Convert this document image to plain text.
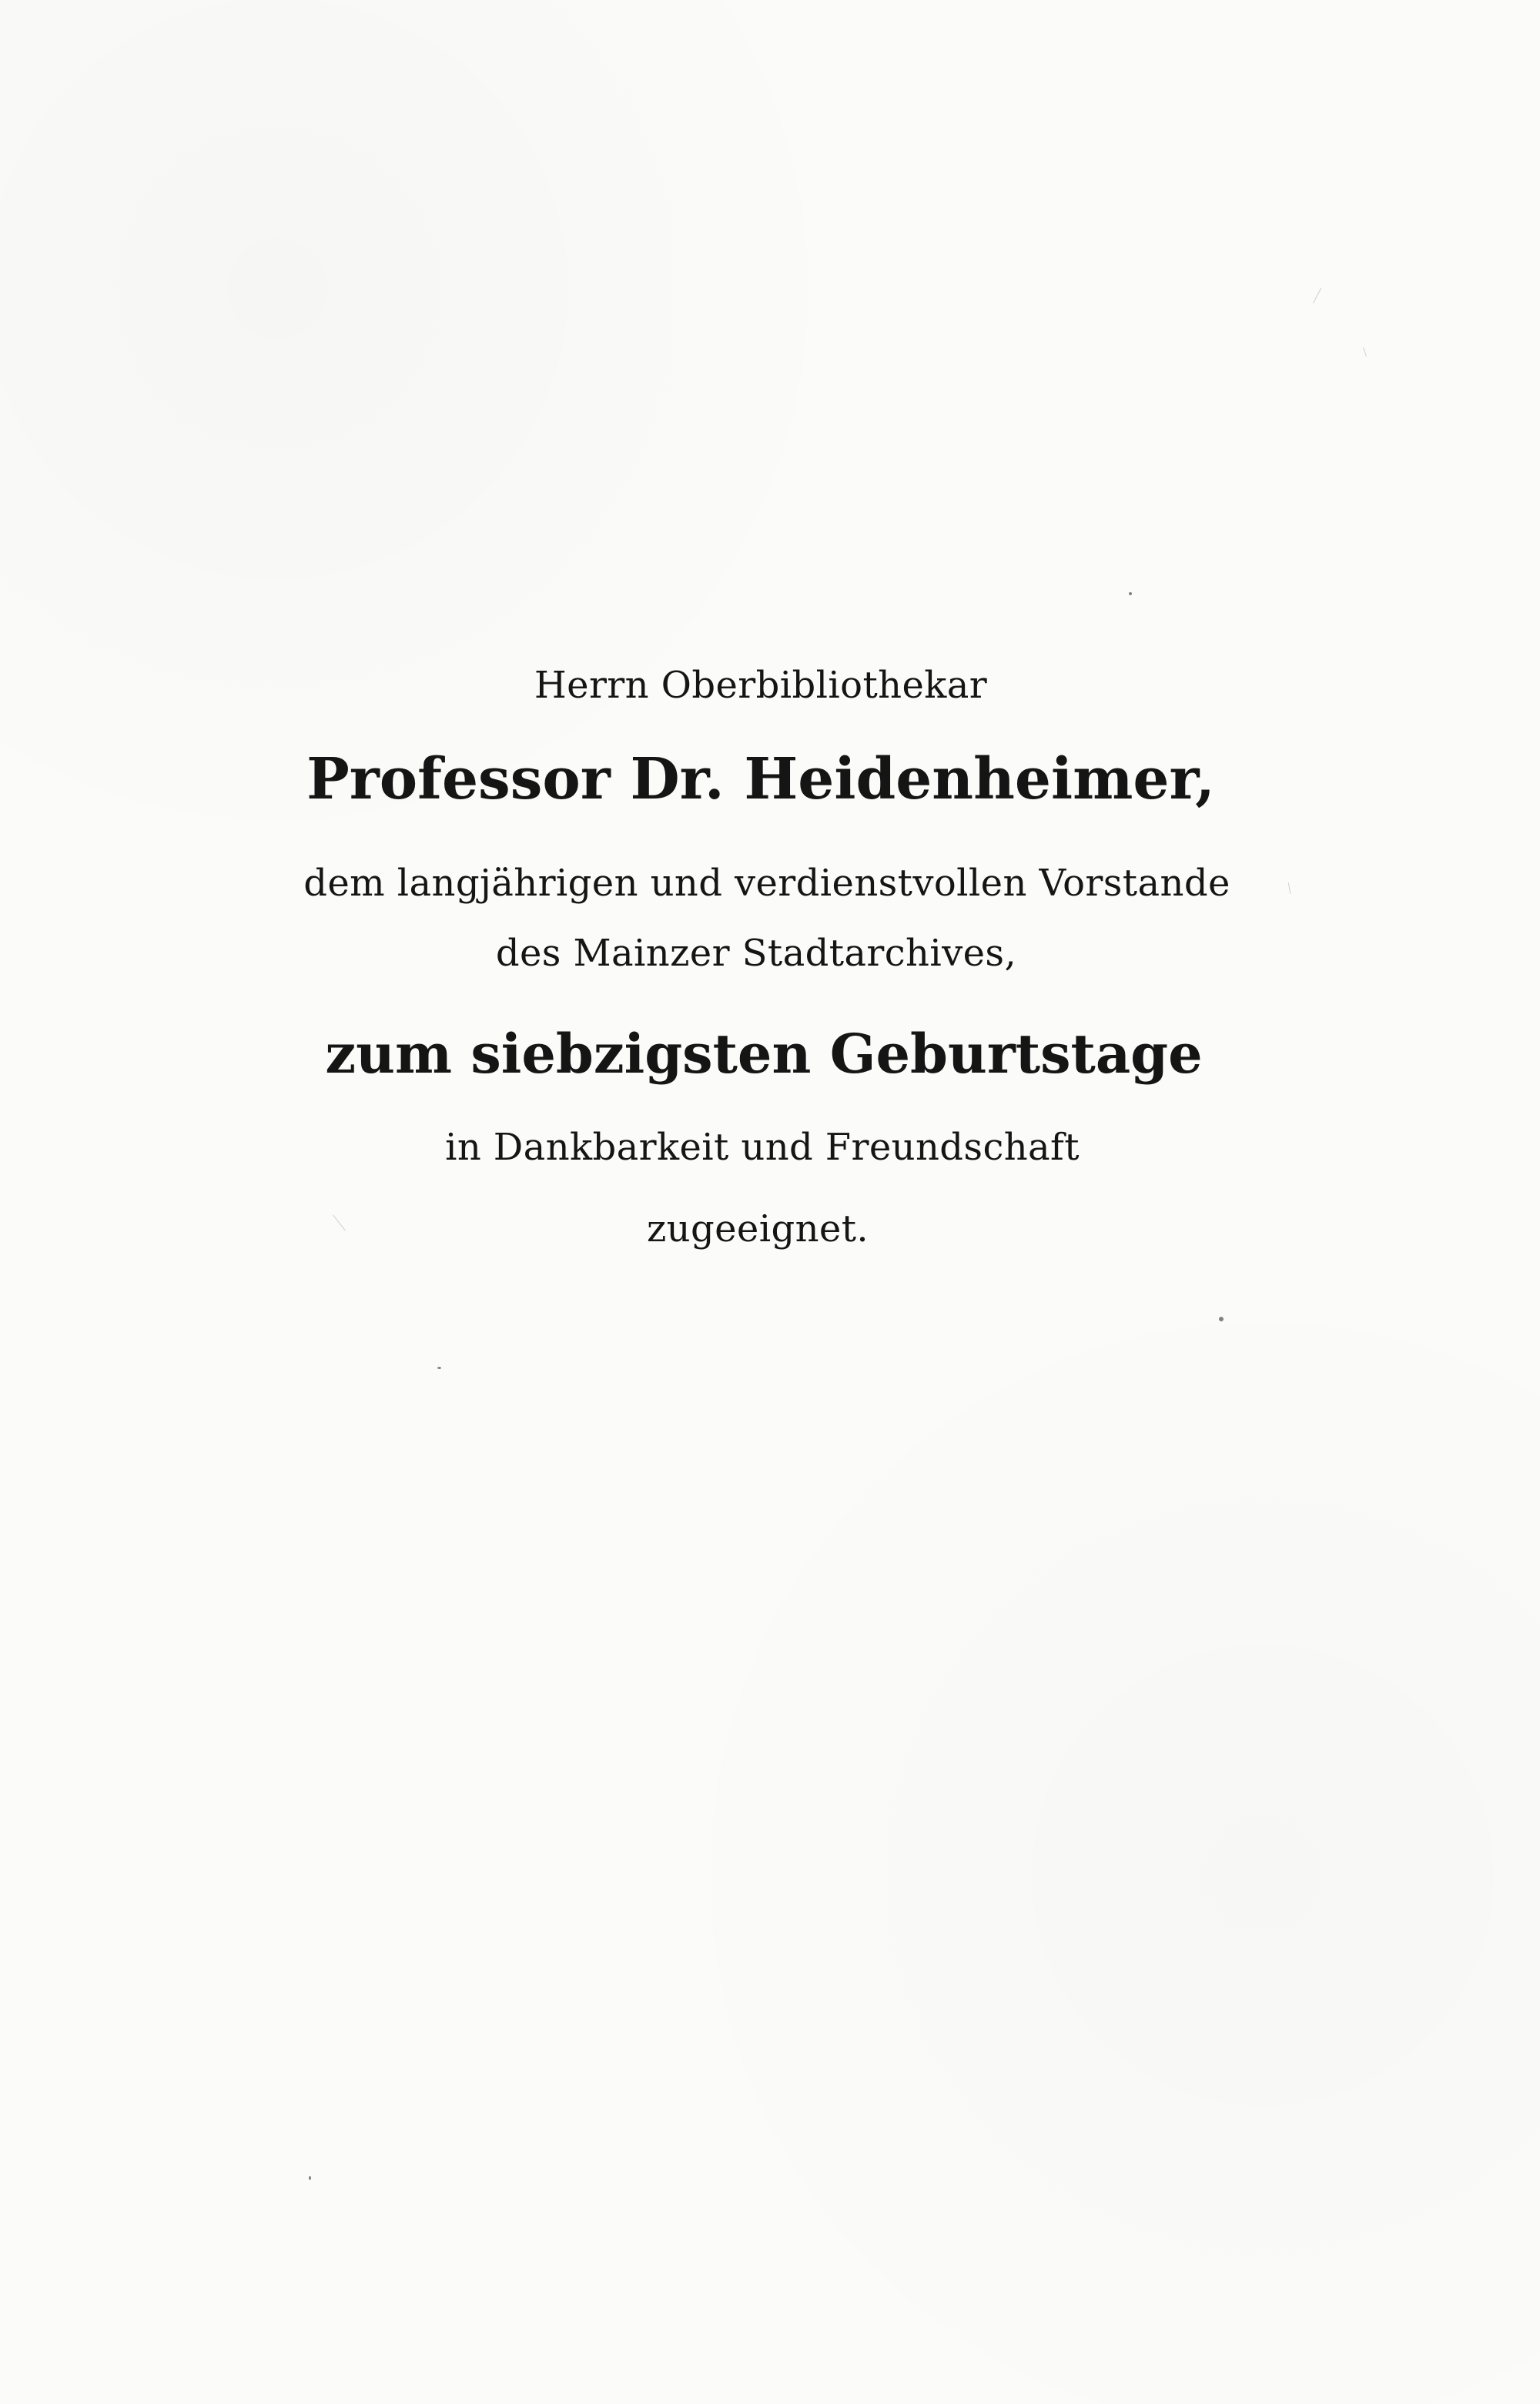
Herrn Oberbibliothekar
Professor Dr. Heidenheimer,
dem langjährigen und verdienstvollen Vorstande
des Mainzer Stadtarchives,
zum siebzigsten Geburtstage
in Dankbarkeit und Freundschaft
zugeeignet.
